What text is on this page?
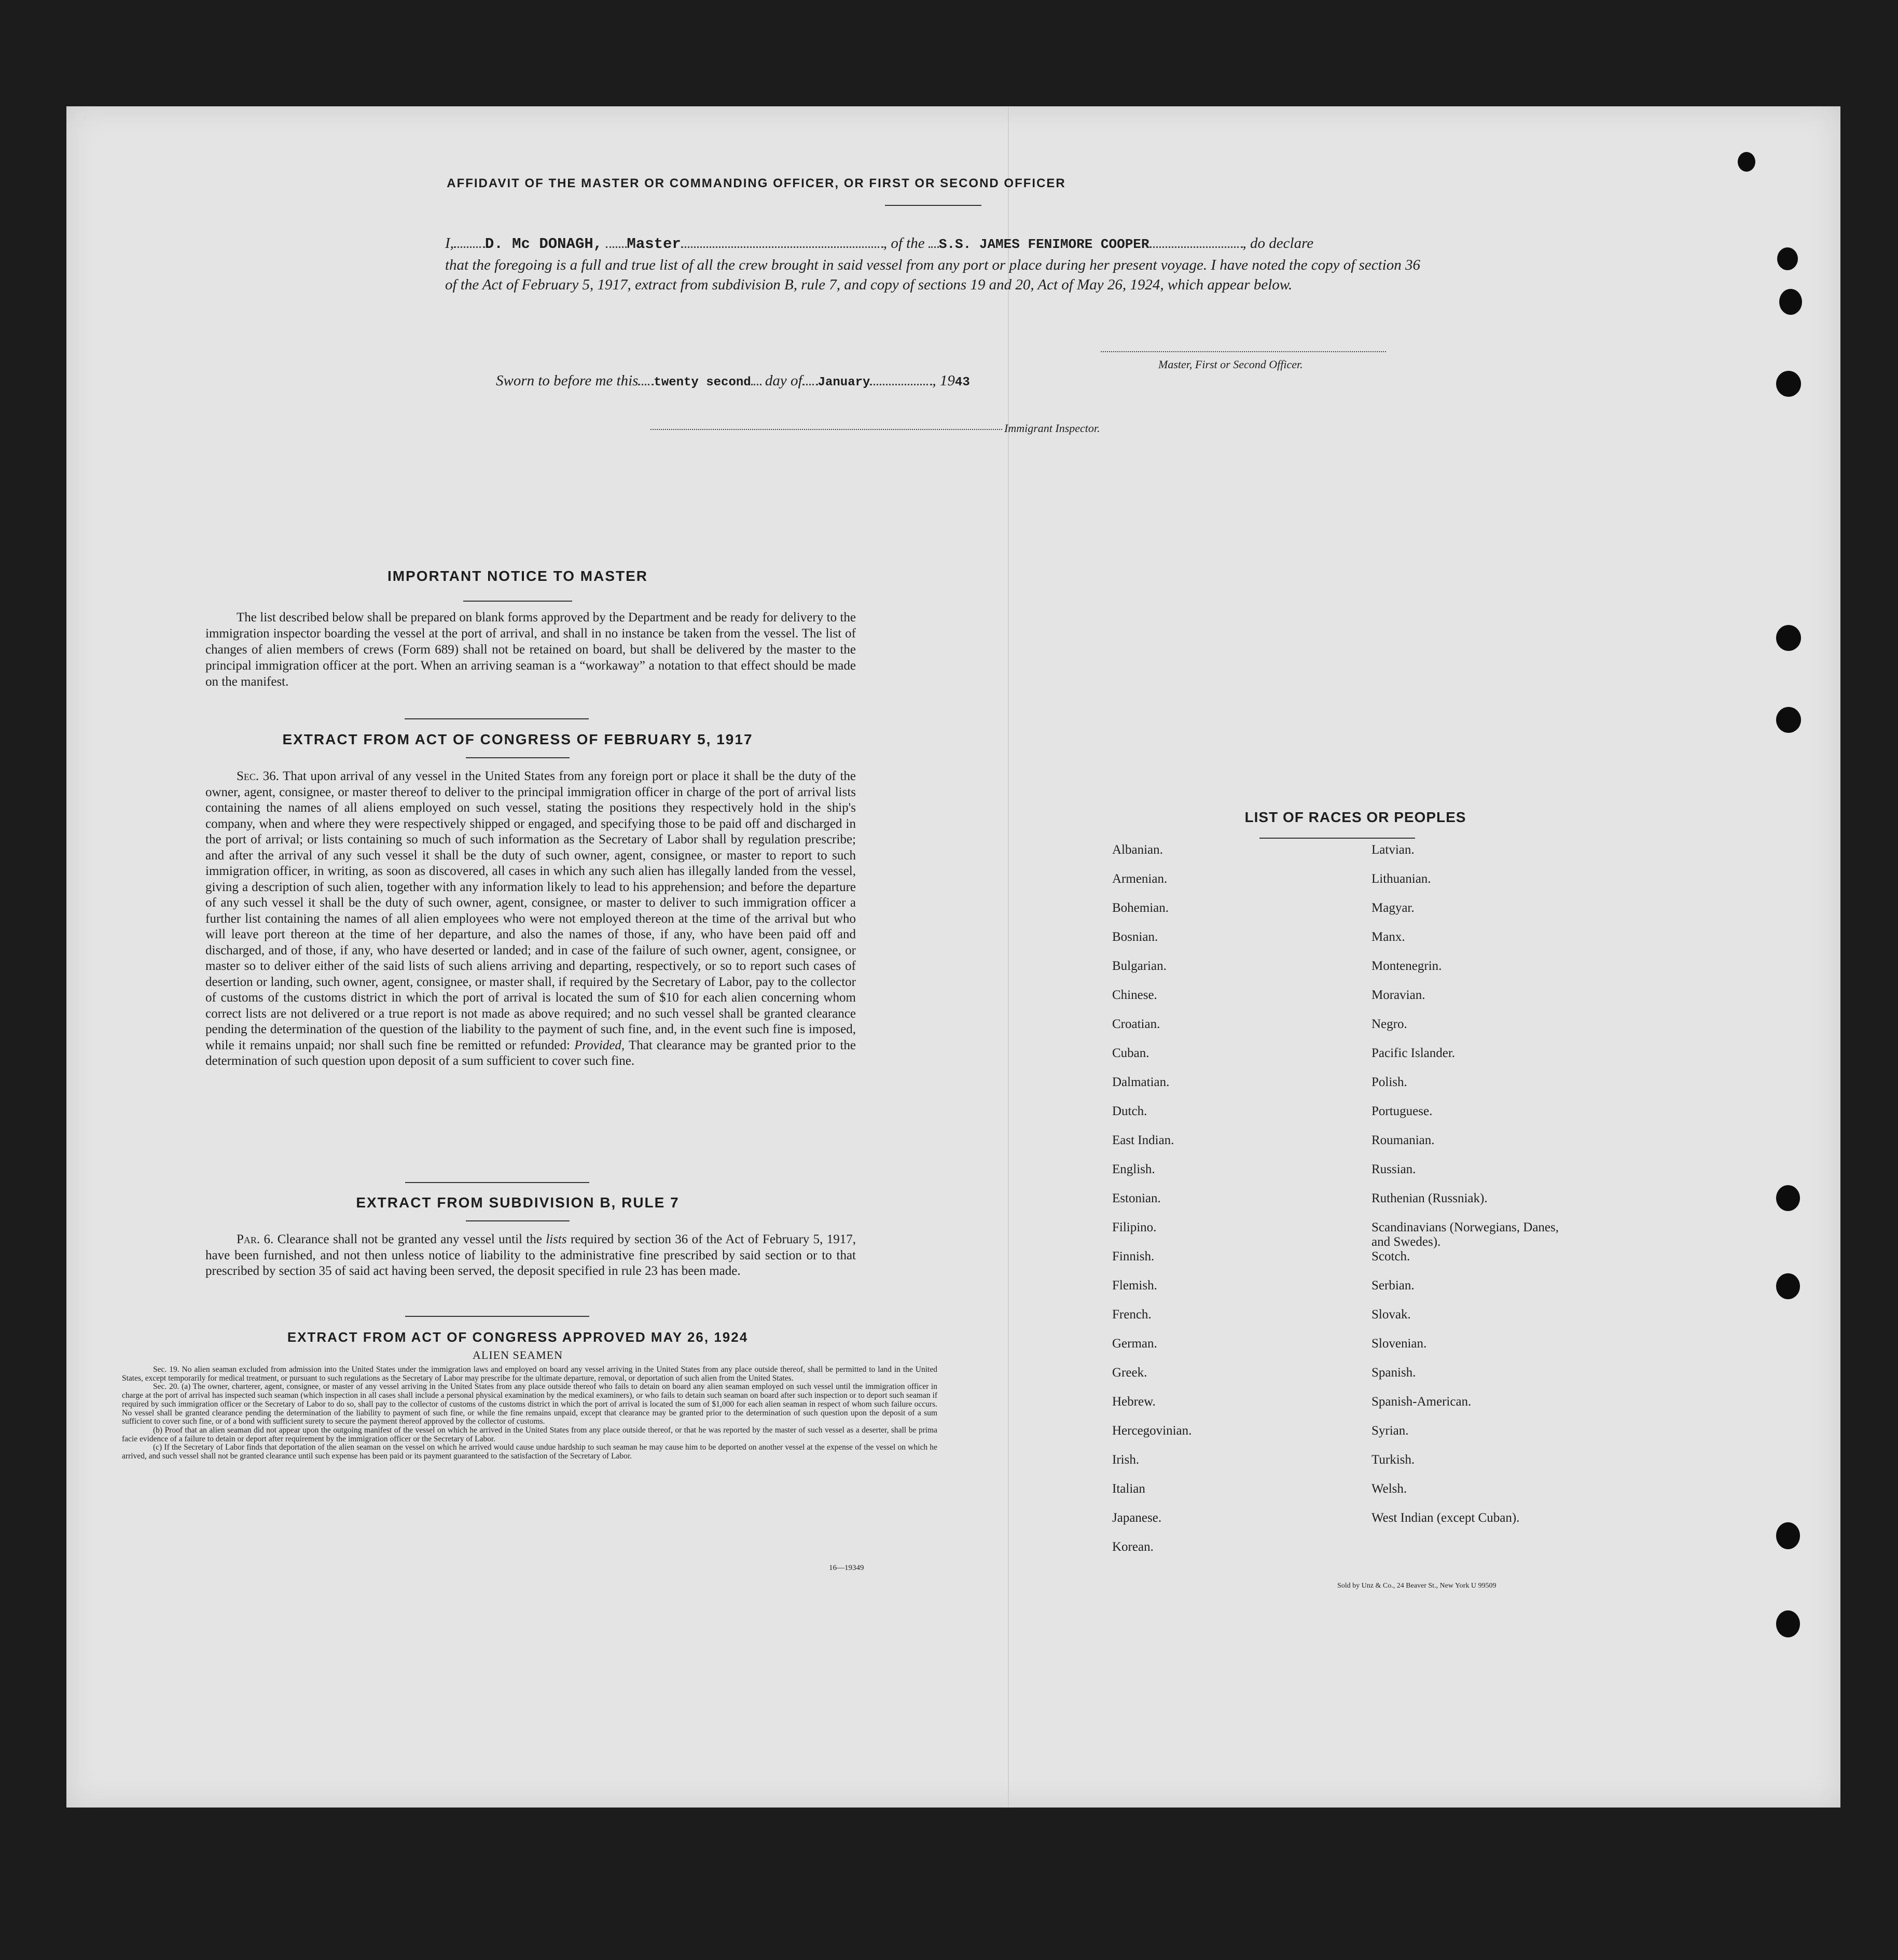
AFFIDAVIT OF THE MASTER OR COMMANDING OFFICER, OR FIRST OR SECOND OFFICER
I, D. Mc DONAGH, Master	, of the S.S. JAMES FENIMORE COOPER	, do declare

that the foregoing is a full and true list of all the crew brought in said vessel from any port or place during her present voyage. I have noted the copy of section 36 of the Act of February 5, 1917, extract from subdivision B, rule 7, and copy of sections 19 and 20, Act of May 26, 1924, which appear below.

Master, First or Second Officer.
Sworn to before me this twenty second day of January	, 1943
Immigrant Inspector.
IMPORTANT NOTICE TO MASTER

The list described below shall be prepared on blank forms approved by the Department and be ready for delivery to the immigration inspector boarding the vessel at the port of arrival, and shall in no instance be taken from the vessel. The list of changes of alien members of crews (Form 689) shall not be retained on board, but shall be delivered by the master to the principal immigration officer at the port. When an arriving seaman is a “workaway” a notation to that effect should be made on the manifest.

EXTRACT FROM ACT OF CONGRESS OF FEBRUARY 5, 1917

Sec. 36. That upon arrival of any vessel in the United States from any foreign port or place it shall be the duty of the owner, agent, consignee, or master thereof to deliver to the principal immigration officer in charge of the port of arrival lists containing the names of all aliens employed on such vessel, stating the positions they respectively hold in the ship's company, when and where they were respectively shipped or engaged, and specifying those to be paid off and discharged in the port of arrival; or lists containing so much of such information as the Secretary of Labor shall by regulation prescribe; and after the arrival of any such vessel it shall be the duty of such owner, agent, consignee, or master to report to such immigration officer, in writing, as soon as discovered, all cases in which any such alien has illegally landed from the vessel, giving a description of such alien, together with any information likely to lead to his apprehension; and before the departure of any such vessel it shall be the duty of such owner, agent, consignee, or master to deliver to such immigration officer a further list containing the names of all alien employees who were not employed thereon at the time of the arrival but who will leave port thereon at the time of her departure, and also the names of those, if any, who have been paid off and discharged, and of those, if any, who have deserted or landed; and in case of the failure of such owner, agent, consignee, or master so to deliver either of the said lists of such aliens arriving and departing, respectively, or so to report such cases of desertion or landing, such owner, agent, consignee, or master shall, if required by the Secretary of Labor, pay to the collector of customs of the customs district in which the port of arrival is located the sum of $10 for each alien concerning whom correct lists are not delivered or a true report is not made as above required; and no such vessel shall be granted clearance pending the determination of the question of the liability to the payment of such fine, and, in the event such fine is imposed, while it remains unpaid; nor shall such fine be remitted or refunded: Provided, That clearance may be granted prior to the determination of such question upon deposit of a sum sufficient to cover such fine.

EXTRACT FROM SUBDIVISION B, RULE 7

Par. 6. Clearance shall not be granted any vessel until the lists required by section 36 of the Act of February 5, 1917, have been furnished, and not then unless notice of liability to the administrative fine prescribed by said section or to that prescribed by section 35 of said act having been served, the deposit specified in rule 23 has been made.

EXTRACT FROM ACT OF CONGRESS APPROVED MAY 26, 1924
ALIEN SEAMEN

Sec. 19. No alien seaman excluded from admission into the United States under the immigration laws and employed on board any vessel arriving in the United States from any place outside thereof, shall be permitted to land in the United States, except temporarily for medical treatment, or pursuant to such regulations as the Secretary of Labor may prescribe for the ultimate departure, removal, or deportation of such alien from the United States.

Sec. 20. (a) The owner, charterer, agent, consignee, or master of any vessel arriving in the United States from any place outside thereof who fails to detain on board any alien seaman employed on such vessel until the immigration officer in charge at the port of arrival has inspected such seaman (which inspection in all cases shall include a personal physical examination by the medical examiners), or who fails to detain such seaman on board after such inspection or to deport such seaman if required by such immigration officer or the Secretary of Labor to do so, shall pay to the collector of customs of the customs district in which the port of arrival is located the sum of $1,000 for each alien seaman in respect of whom such failure occurs. No vessel shall be granted clearance pending the determination of the liability to payment of such fine, or while the fine remains unpaid, except that clearance may be granted prior to the determination of such question upon the deposit of a sum sufficient to cover such fine, or of a bond with sufficient surety to secure the payment thereof approved by the collector of customs.

(b) Proof that an alien seaman did not appear upon the outgoing manifest of the vessel on which he arrived in the United States from any place outside thereof, or that he was reported by the master of such vessel as a deserter, shall be prima facie evidence of a failure to detain or deport after requirement by the immigration officer or the Secretary of Labor.

(c) If the Secretary of Labor finds that deportation of the alien seaman on the vessel on which he arrived would cause undue hardship to such seaman he may cause him to be deported on another vessel at the expense of the vessel on which he arrived, and such vessel shall not be granted clearance until such expense has been paid or its payment guaranteed to the satisfaction of the Secretary of Labor.

16—19349
LIST OF RACES OR PEOPLES
Albanian.	Latvian.
Armenian.	Lithuanian.
Bohemian.	Magyar.
Bosnian.	Manx.
Bulgarian.	Montenegrin.
Chinese.	Moravian.
Croatian.	Negro.
Cuban.	Pacific Islander.
Dalmatian.	Polish.
Dutch.	Portuguese.
East Indian.	Roumanian.
English.	Russian.
Estonian.	Ruthenian (Russniak).
Filipino.	Scandinavians (Norwegians, Danes, and Swedes).
Finnish.	Scotch.
Flemish.	Serbian.
French.	Slovak.
German.	Slovenian.
Greek.	Spanish.
Hebrew.	Spanish-American.
Hercegovinian.	Syrian.
Irish.	Turkish.
Italian	Welsh.
Japanese.	West Indian (except Cuban).
Korean.	
Sold by Unz & Co., 24 Beaver St., New York U 99509
